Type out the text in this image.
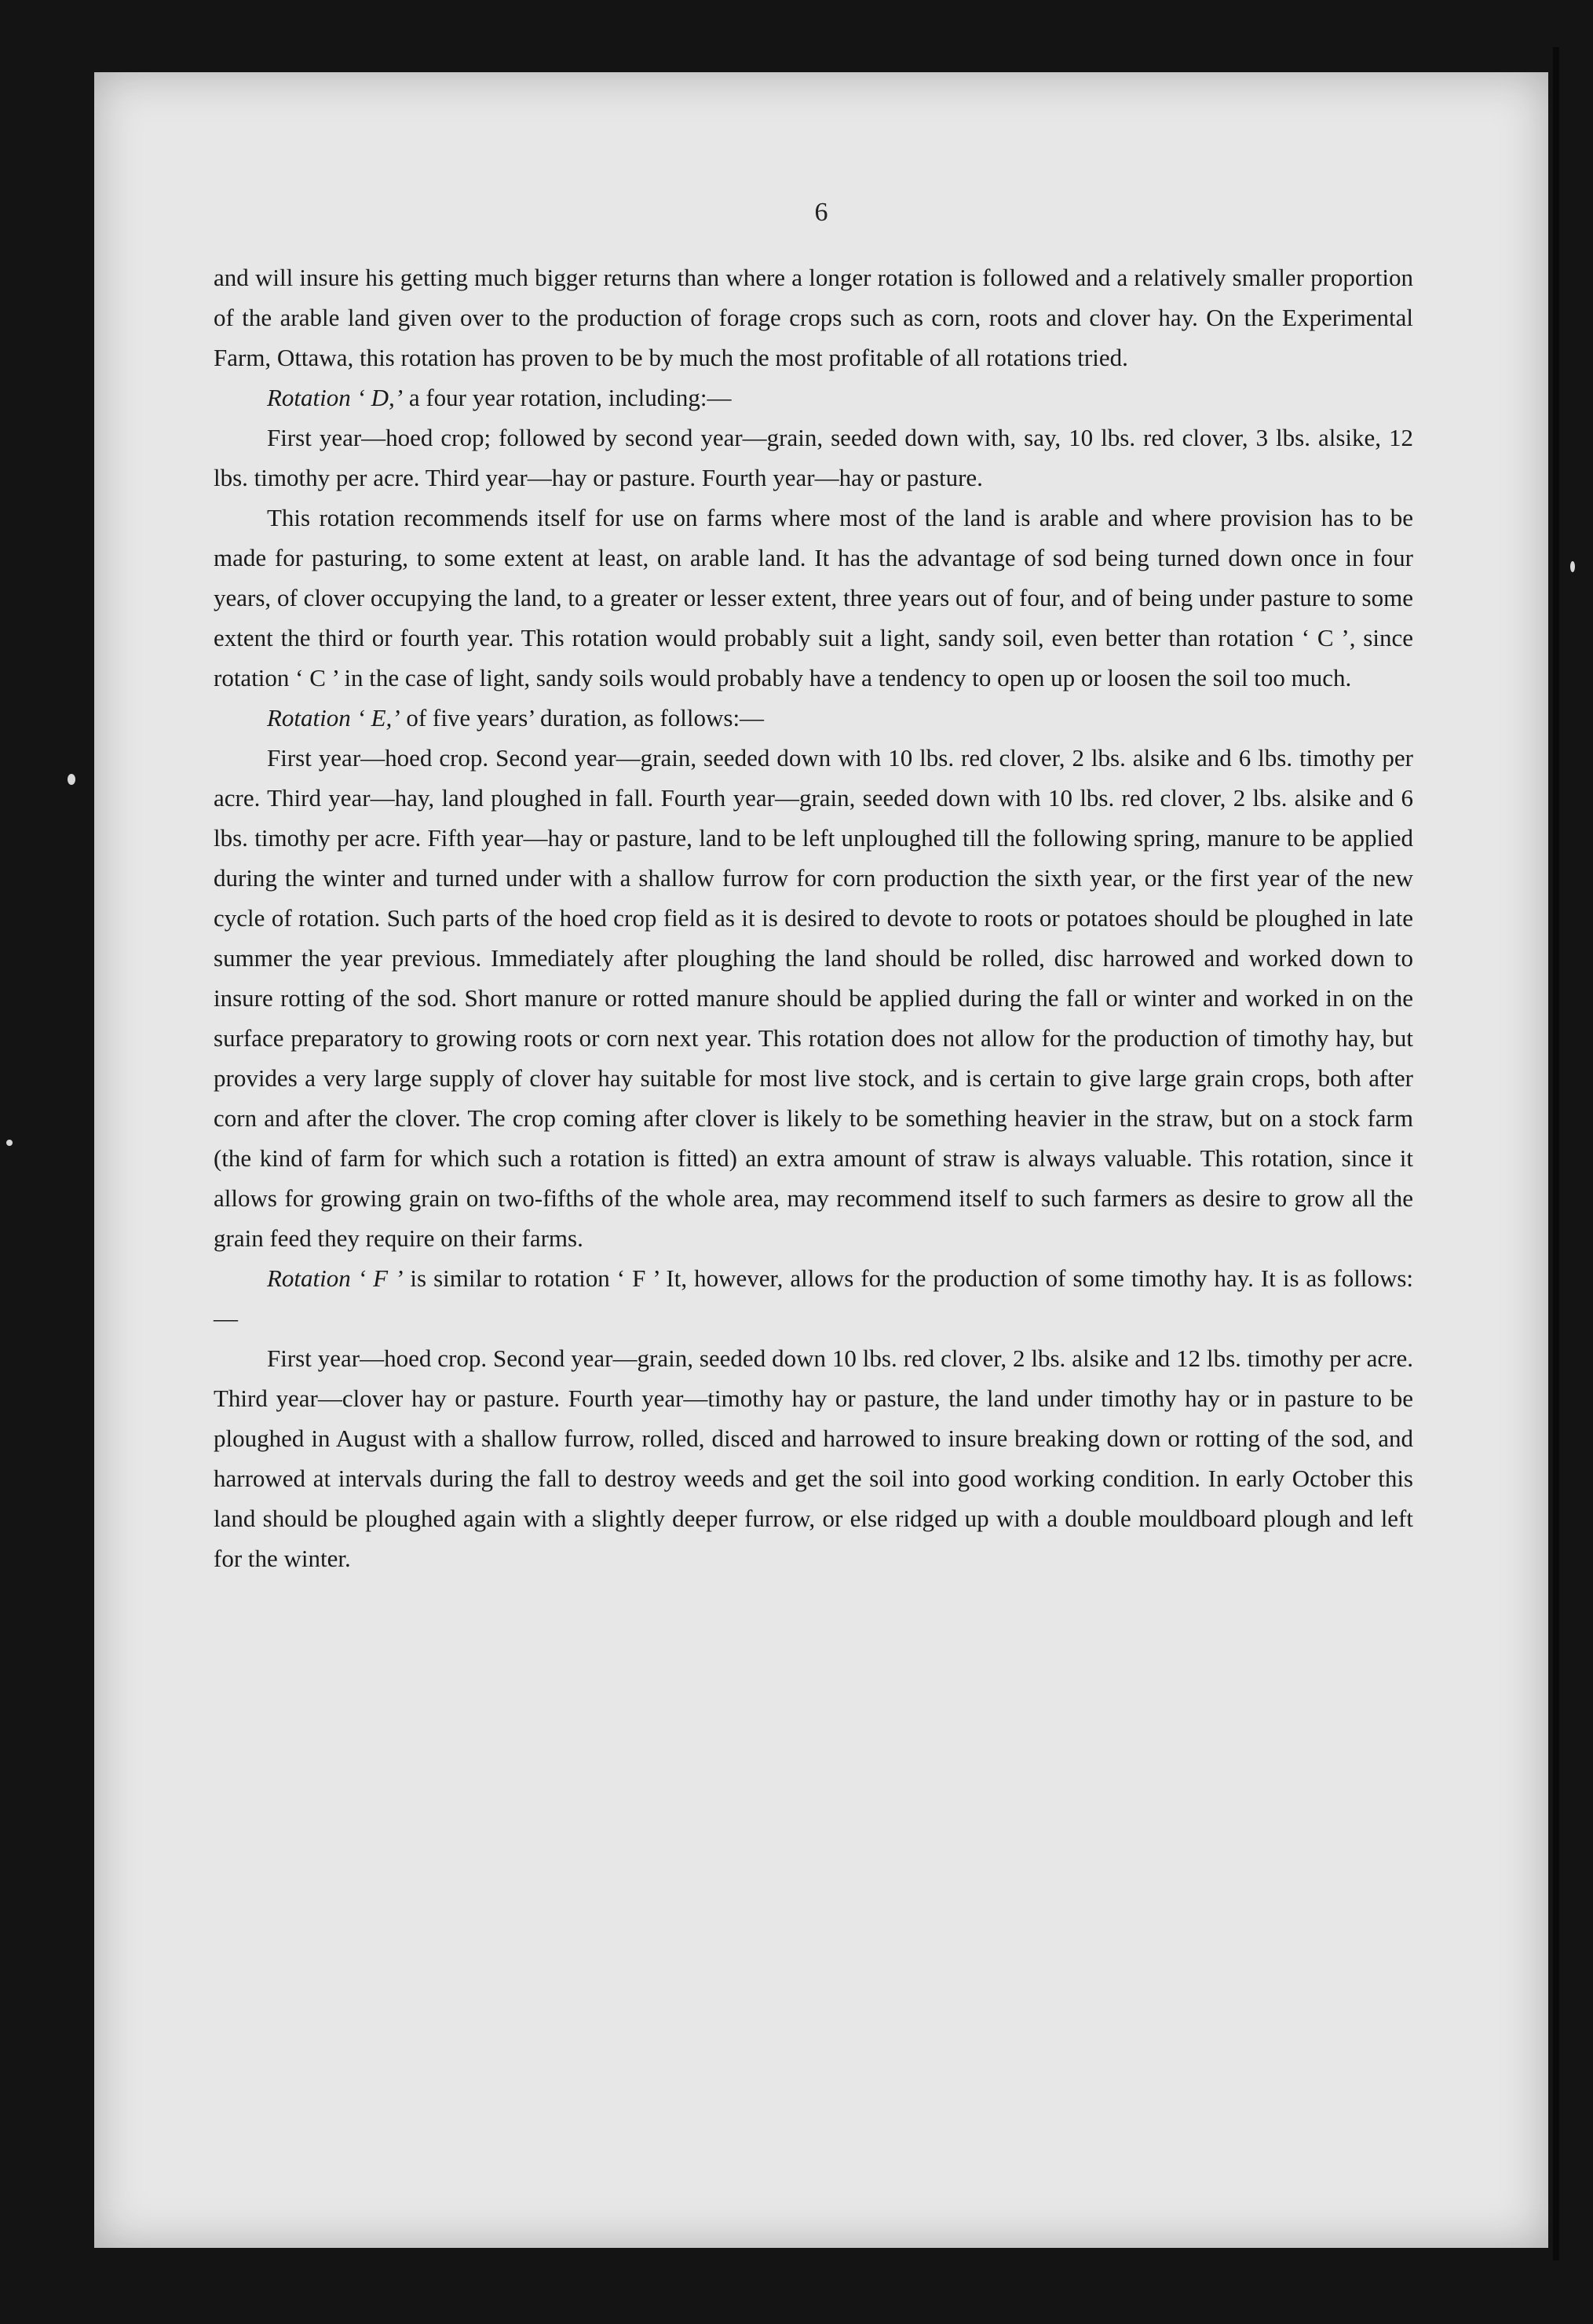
6

and will insure his getting much bigger returns than where a longer rotation is followed and a relatively smaller proportion of the arable land given over to the production of forage crops such as corn, roots and clover hay. On the Experimental Farm, Ottawa, this rotation has proven to be by much the most profitable of all rotations tried.

Rotation ‘ D,’ a four year rotation, including:—

First year—hoed crop; followed by second year—grain, seeded down with, say, 10 lbs. red clover, 3 lbs. alsike, 12 lbs. timothy per acre. Third year—hay or pasture. Fourth year—hay or pasture.

This rotation recommends itself for use on farms where most of the land is arable and where provision has to be made for pasturing, to some extent at least, on arable land. It has the advantage of sod being turned down once in four years, of clover occupying the land, to a greater or lesser extent, three years out of four, and of being under pasture to some extent the third or fourth year. This rotation would probably suit a light, sandy soil, even better than rotation ‘ C ’, since rotation ‘ C ’ in the case of light, sandy soils would probably have a tendency to open up or loosen the soil too much.

Rotation ‘ E,’ of five years’ duration, as follows:—

First year—hoed crop. Second year—grain, seeded down with 10 lbs. red clover, 2 lbs. alsike and 6 lbs. timothy per acre. Third year—hay, land ploughed in fall. Fourth year—grain, seeded down with 10 lbs. red clover, 2 lbs. alsike and 6 lbs. timothy per acre. Fifth year—hay or pasture, land to be left unploughed till the following spring, manure to be applied during the winter and turned under with a shallow furrow for corn production the sixth year, or the first year of the new cycle of rotation. Such parts of the hoed crop field as it is desired to devote to roots or potatoes should be ploughed in late summer the year previous. Immediately after ploughing the land should be rolled, disc harrowed and worked down to insure rotting of the sod. Short manure or rotted manure should be applied during the fall or winter and worked in on the surface preparatory to growing roots or corn next year. This rotation does not allow for the production of timothy hay, but provides a very large supply of clover hay suitable for most live stock, and is certain to give large grain crops, both after corn and after the clover. The crop coming after clover is likely to be something heavier in the straw, but on a stock farm (the kind of farm for which such a rotation is fitted) an extra amount of straw is always valuable. This rotation, since it allows for growing grain on two-fifths of the whole area, may recommend itself to such farmers as desire to grow all the grain feed they require on their farms.

Rotation ‘ F ’ is similar to rotation ‘ F ’ It, however, allows for the production of some timothy hay. It is as follows:—

First year—hoed crop. Second year—grain, seeded down 10 lbs. red clover, 2 lbs. alsike and 12 lbs. timothy per acre. Third year—clover hay or pasture. Fourth year—timothy hay or pasture, the land under timothy hay or in pasture to be ploughed in August with a shallow furrow, rolled, disced and harrowed to insure breaking down or rotting of the sod, and harrowed at intervals during the fall to destroy weeds and get the soil into good working condition. In early October this land should be ploughed again with a slightly deeper furrow, or else ridged up with a double mouldboard plough and left for the winter.
